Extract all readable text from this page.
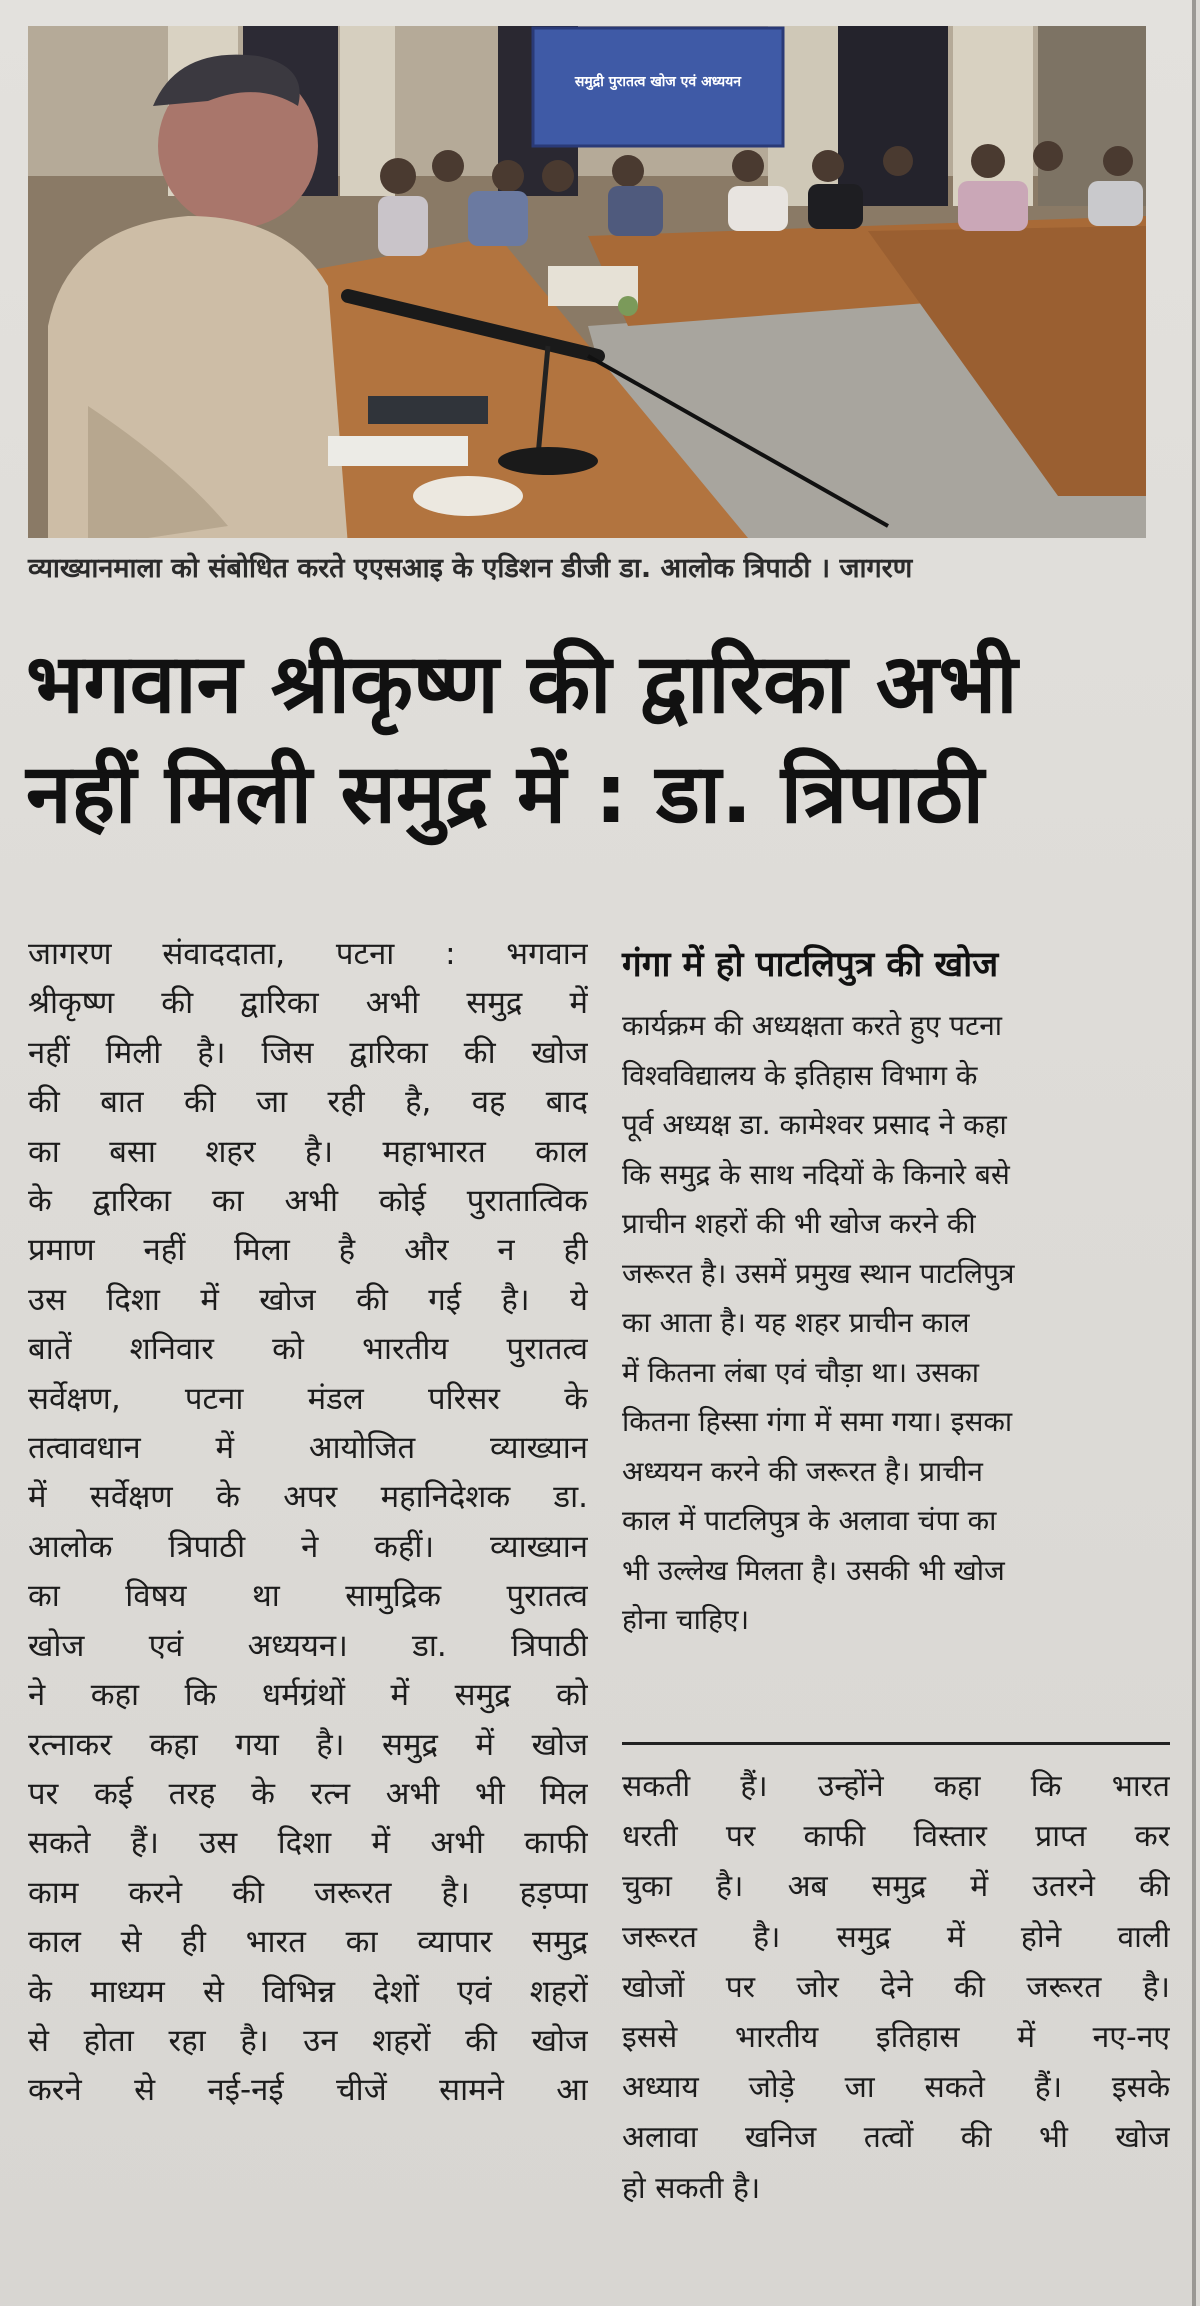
समुद्री पुरातत्व खोज एवं अध्ययन
व्याख्यानमाला को संबोधित करते एएसआइ के एडिशन डीजी डा. आलोक त्रिपाठी । जागरण
भगवान श्रीकृष्ण की द्वारिका अभी
नहीं मिली समुद्र में : डा. त्रिपाठी
जागरण संवाददाता, पटना : भगवान
श्रीकृष्ण की द्वारिका अभी समुद्र में
नहीं मिली है। जिस द्वारिका की खोज
की बात की जा रही है, वह बाद
का बसा शहर है। महाभारत काल
के द्वारिका का अभी कोई पुरातात्विक
प्रमाण नहीं मिला है और न ही
उस दिशा में खोज की गई है। ये
बातें शनिवार को भारतीय पुरातत्व
सर्वेक्षण, पटना मंडल परिसर के
तत्वावधान में आयोजित व्याख्यान
में सर्वेक्षण के अपर महानिदेशक डा.
आलोक त्रिपाठी ने कहीं। व्याख्यान
का विषय था सामुद्रिक पुरातत्व
खोज एवं अध्ययन। डा. त्रिपाठी
ने कहा कि धर्मग्रंथों में समुद्र को
रत्नाकर कहा गया है। समुद्र में खोज
पर कई तरह के रत्न अभी भी मिल
सकते हैं। उस दिशा में अभी काफी
काम करने की जरूरत है। हड़प्पा
काल से ही भारत का व्यापार समुद्र
के माध्यम से विभिन्न देशों एवं शहरों
से होता रहा है। उन शहरों की खोज
करने से नई-नई चीजें सामने आ
गंगा में हो पाटलिपुत्र की खोज
कार्यक्रम की अध्यक्षता करते हुए पटना
विश्वविद्यालय के इतिहास विभाग के
पूर्व अध्यक्ष डा. कामेश्वर प्रसाद ने कहा
कि समुद्र के साथ नदियों के किनारे बसे
प्राचीन शहरों की भी खोज करने की
जरूरत है। उसमें प्रमुख स्थान पाटलिपुत्र
का आता है। यह शहर प्राचीन काल
में कितना लंबा एवं चौड़ा था। उसका
कितना हिस्सा गंगा में समा गया। इसका
अध्ययन करने की जरूरत है। प्राचीन
काल में पाटलिपुत्र के अलावा चंपा का
भी उल्लेख मिलता है। उसकी भी खोज
होना चाहिए।
सकती हैं। उन्होंने कहा कि भारत
धरती पर काफी विस्तार प्राप्त कर
चुका है। अब समुद्र में उतरने की
जरूरत है। समुद्र में होने वाली
खोजों पर जोर देने की जरूरत है।
इससे भारतीय इतिहास में नए-नए
अध्याय जोड़े जा सकते हैं। इसके
अलावा खनिज तत्वों की भी खोज
हो सकती है।
